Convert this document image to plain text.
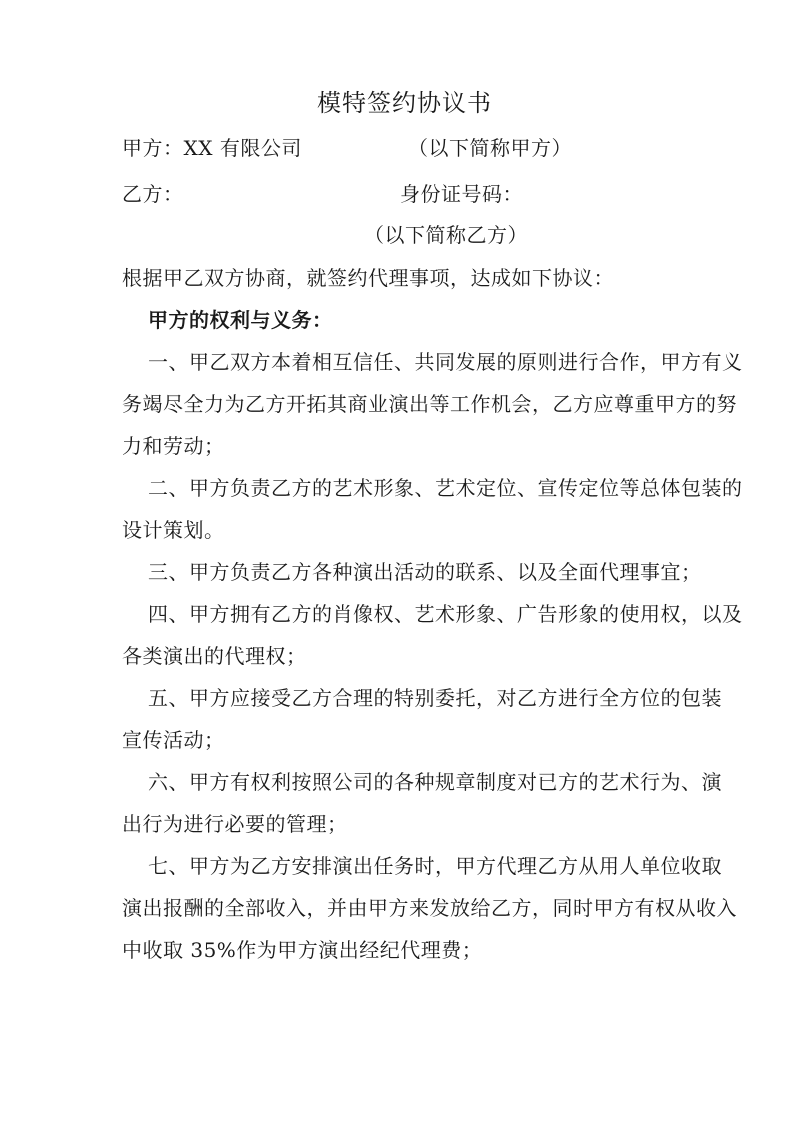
模特签约协议书
甲方：XX 有限公司	（以下简称甲方）
乙方：	身份证号码：
（以下简称乙方）
根据甲乙双方协商，就签约代理事项，达成如下协议：
甲方的权利与义务：
一、甲乙双方本着相互信任、共同发展的原则进行合作，甲方有义
务竭尽全力为乙方开拓其商业演出等工作机会，乙方应尊重甲方的努
力和劳动；
二、甲方负责乙方的艺术形象、艺术定位、宣传定位等总体包装的
设计策划。
三、甲方负责乙方各种演出活动的联系、以及全面代理事宜；
四、甲方拥有乙方的肖像权、艺术形象、广告形象的使用权，以及
各类演出的代理权；
五、甲方应接受乙方合理的特别委托，对乙方进行全方位的包装
宣传活动；
六、甲方有权利按照公司的各种规章制度对已方的艺术行为、演
出行为进行必要的管理；
七、甲方为乙方安排演出任务时，甲方代理乙方从用人单位收取
演出报酬的全部收入，并由甲方来发放给乙方，同时甲方有权从收入
中收取 35%作为甲方演出经纪代理费；
